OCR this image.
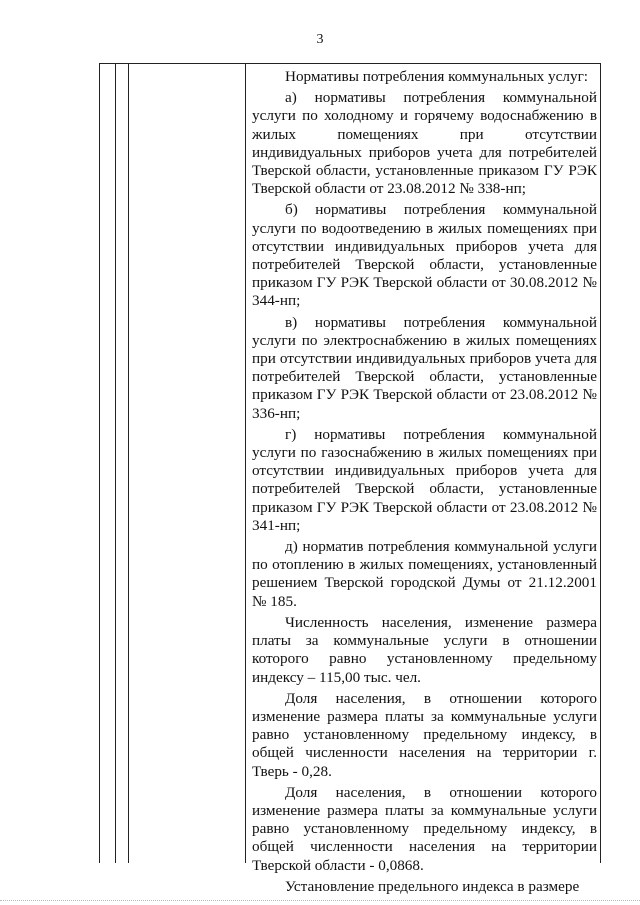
3

Нормативы потребления коммунальных услуг:

а) нормативы потребления коммунальной услуги по холодному и горячему водоснабжению в жилых помещениях при отсутствии индивидуальных приборов учета для потребителей Тверской области, установленные приказом ГУ РЭК Тверской области от 23.08.2012 № 338-нп;

б) нормативы потребления коммунальной услуги по водоотведению в жилых помещениях при отсутствии индивидуальных приборов учета для потребителей Тверской области, установленные приказом ГУ РЭК Тверской области от 30.08.2012 № 344-нп;

в) нормативы потребления коммунальной услуги по электроснабжению в жилых помещениях при отсутствии индивидуальных приборов учета для потребителей Тверской области, установленные приказом ГУ РЭК Тверской области от 23.08.2012 № 336-нп;

г) нормативы потребления коммунальной услуги по газоснабжению в жилых помещениях при отсутствии индивидуальных приборов учета для потребителей Тверской области, установленные приказом ГУ РЭК Тверской области от 23.08.2012 № 341-нп;

д) норматив потребления коммунальной услуги по отоплению в жилых помещениях, установленный решением Тверской городской Думы от 21.12.2001 № 185.

Численность населения, изменение размера платы за коммунальные услуги в отношении которого равно установленному предельному индексу – 115,00 тыс. чел.

Доля населения, в отношении которого изменение размера платы за коммунальные услуги равно установленному предельному индексу, в общей численности населения на территории г. Тверь - 0,28.

Доля населения, в отношении которого изменение размера платы за коммунальные услуги равно установленному предельному индексу, в общей численности населения на территории Тверской области - 0,0868.

Установление предельного индекса в размере
